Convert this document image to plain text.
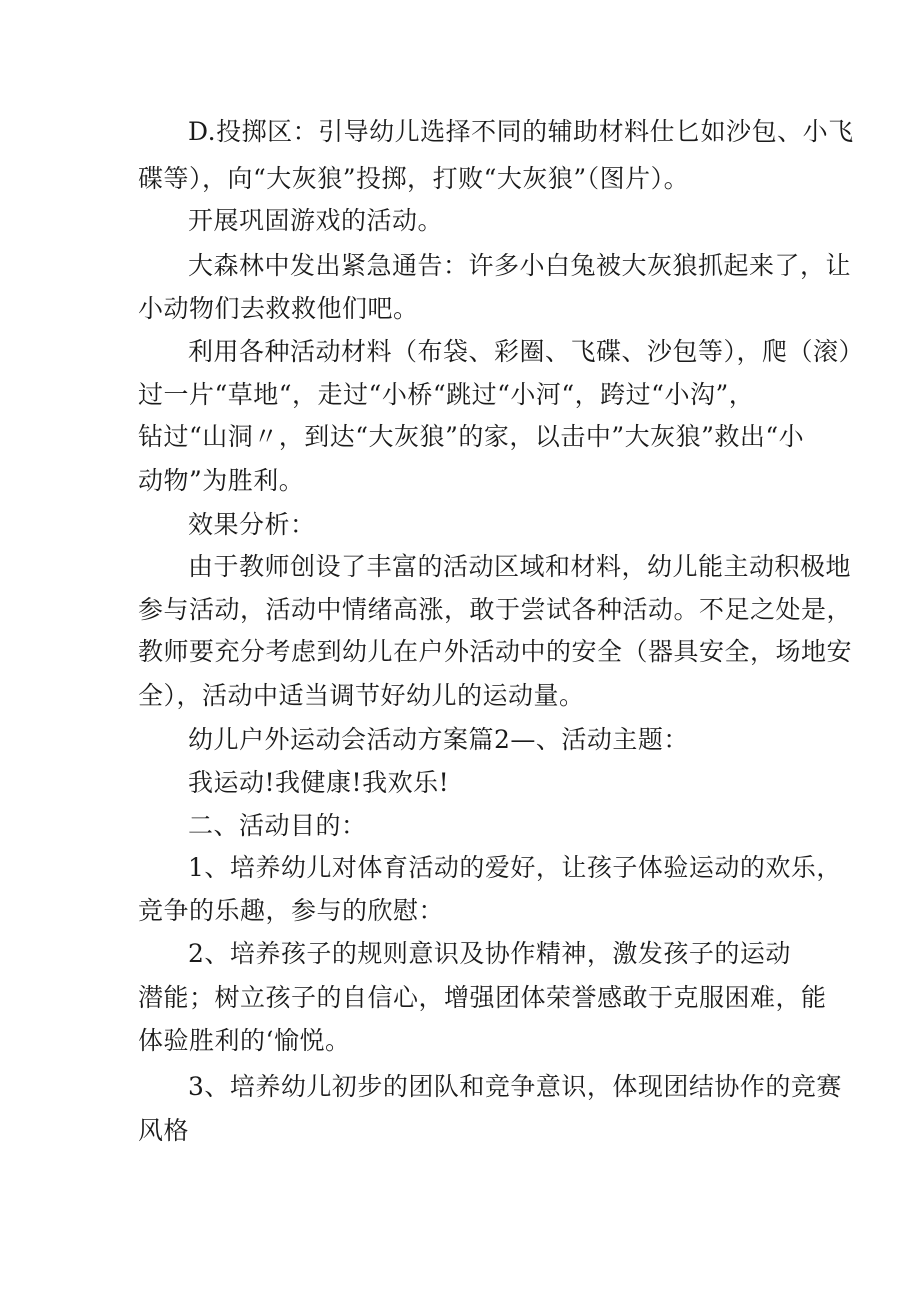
D.投掷区：引导幼儿选择不同的辅助材料仕匕如沙包、小飞
碟等），向“大灰狼”投掷，打败“大灰狼”（图片）。
开展巩固游戏的活动。
大森林中发出紧急通告：许多小白兔被大灰狼抓起来了，让
小动物们去救救他们吧。
利用各种活动材料（布袋、彩圈、飞碟、沙包等），爬（滚）
过一片“草地“，走过“小桥“跳过“小河“，跨过“小沟”，
钻过“山洞〃，到达“大灰狼”的家，以击中”大灰狼”救出“小
动物”为胜利。
效果分析：
由于教师创设了丰富的活动区域和材料，幼儿能主动积极地
参与活动，活动中情绪高涨，敢于尝试各种活动。不足之处是，
教师要充分考虑到幼儿在户外活动中的安全（器具安全，场地安
全），活动中适当调节好幼儿的运动量。
幼儿户外运动会活动方案篇2—、活动主题：
我运动!我健康!我欢乐!
二、活动目的：
1、培养幼儿对体育活动的爱好，让孩子体验运动的欢乐，
竞争的乐趣，参与的欣慰：
2、培养孩子的规则意识及协作精神，激发孩子的运动
潜能；树立孩子的自信心，增强团体荣誉感敢于克服困难，能
体验胜利的‘愉悦。
3、培养幼儿初步的团队和竞争意识，体现团结协作的竞赛
风格
